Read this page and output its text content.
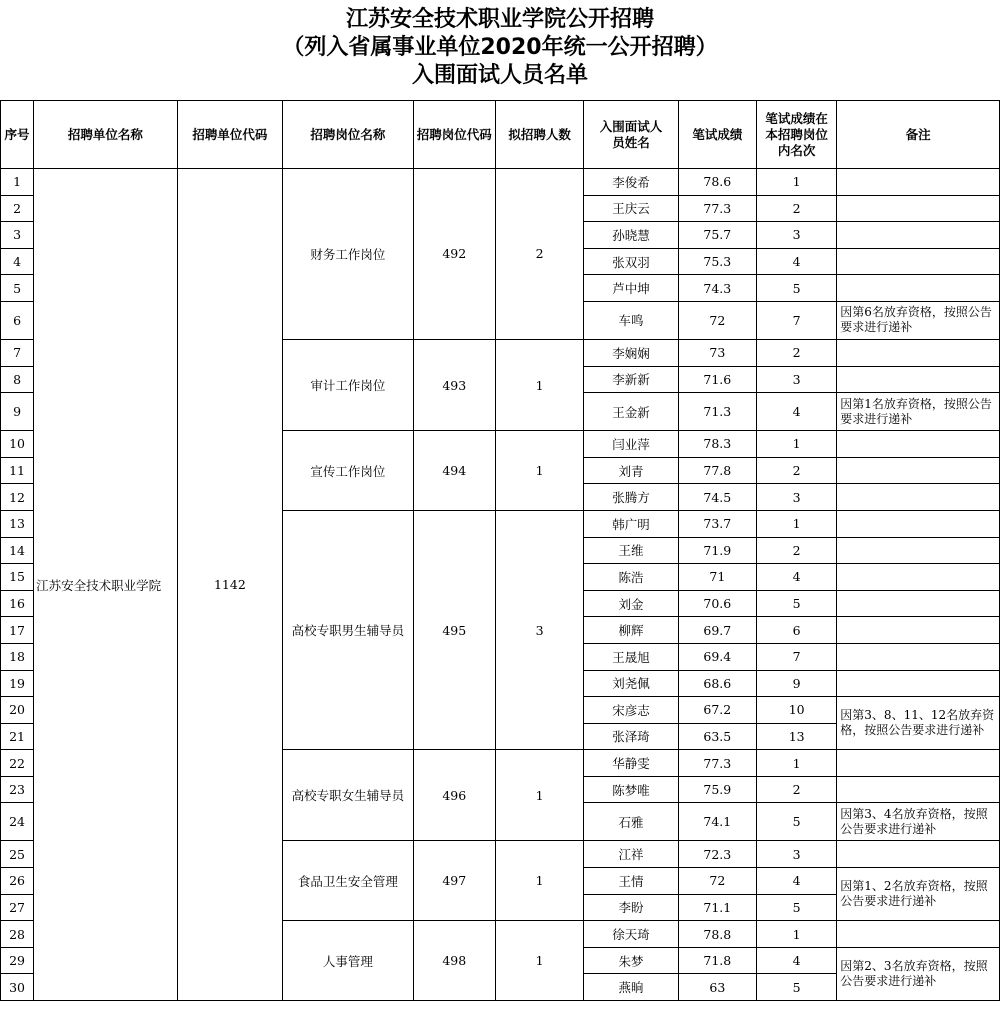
江苏安全技术职业学院公开招聘
（列入省属事业单位2020年统一公开招聘）
入围面试人员名单
序号	招聘单位名称	招聘单位代码	招聘岗位名称	招聘岗位代码	拟招聘人数	入围面试人员姓名	笔试成绩	笔试成绩在本招聘岗位内名次	备注
1	江苏安全技术职业学院	1142	财务工作岗位	492	2	李俊希	78.6	1	
2						王庆云	77.3	2	
3						孙晓慧	75.7	3	
4						张双羽	75.3	4	
5						芦中坤	74.3	5	
6						车鸣	72	7	因第6名放弃资格，按照公告要求进行递补
7			审计工作岗位	493	1	李娴娴	73	2	
8						李新新	71.6	3	
9						王金新	71.3	4	因第1名放弃资格，按照公告要求进行递补
10			宣传工作岗位	494	1	闫业萍	78.3	1	
11						刘青	77.8	2	
12						张腾方	74.5	3	
13			高校专职男生辅导员	495	3	韩广明	73.7	1	
14						王维	71.9	2	
15						陈浩	71	4	
16						刘金	70.6	5	
17						柳辉	69.7	6	
18						王晟旭	69.4	7	
19						刘尧佩	68.6	9	
20						宋彦志	67.2	10	因第3、8、11、12名放弃资格，按照公告要求进行递补
21						张泽琦	63.5	13	
22			高校专职女生辅导员	496	1	华静雯	77.3	1	
23						陈梦唯	75.9	2	
24						石雅	74.1	5	因第3、4名放弃资格，按照公告要求进行递补
25			食品卫生安全管理	497	1	江祥	72.3	3	
26						王情	72	4	因第1、2名放弃资格，按照公告要求进行递补
27						李盼	71.1	5	
28			人事管理	498	1	徐天琦	78.8	1	
29						朱梦	71.8	4	因第2、3名放弃资格，按照公告要求进行递补
30						燕晌	63	5	
